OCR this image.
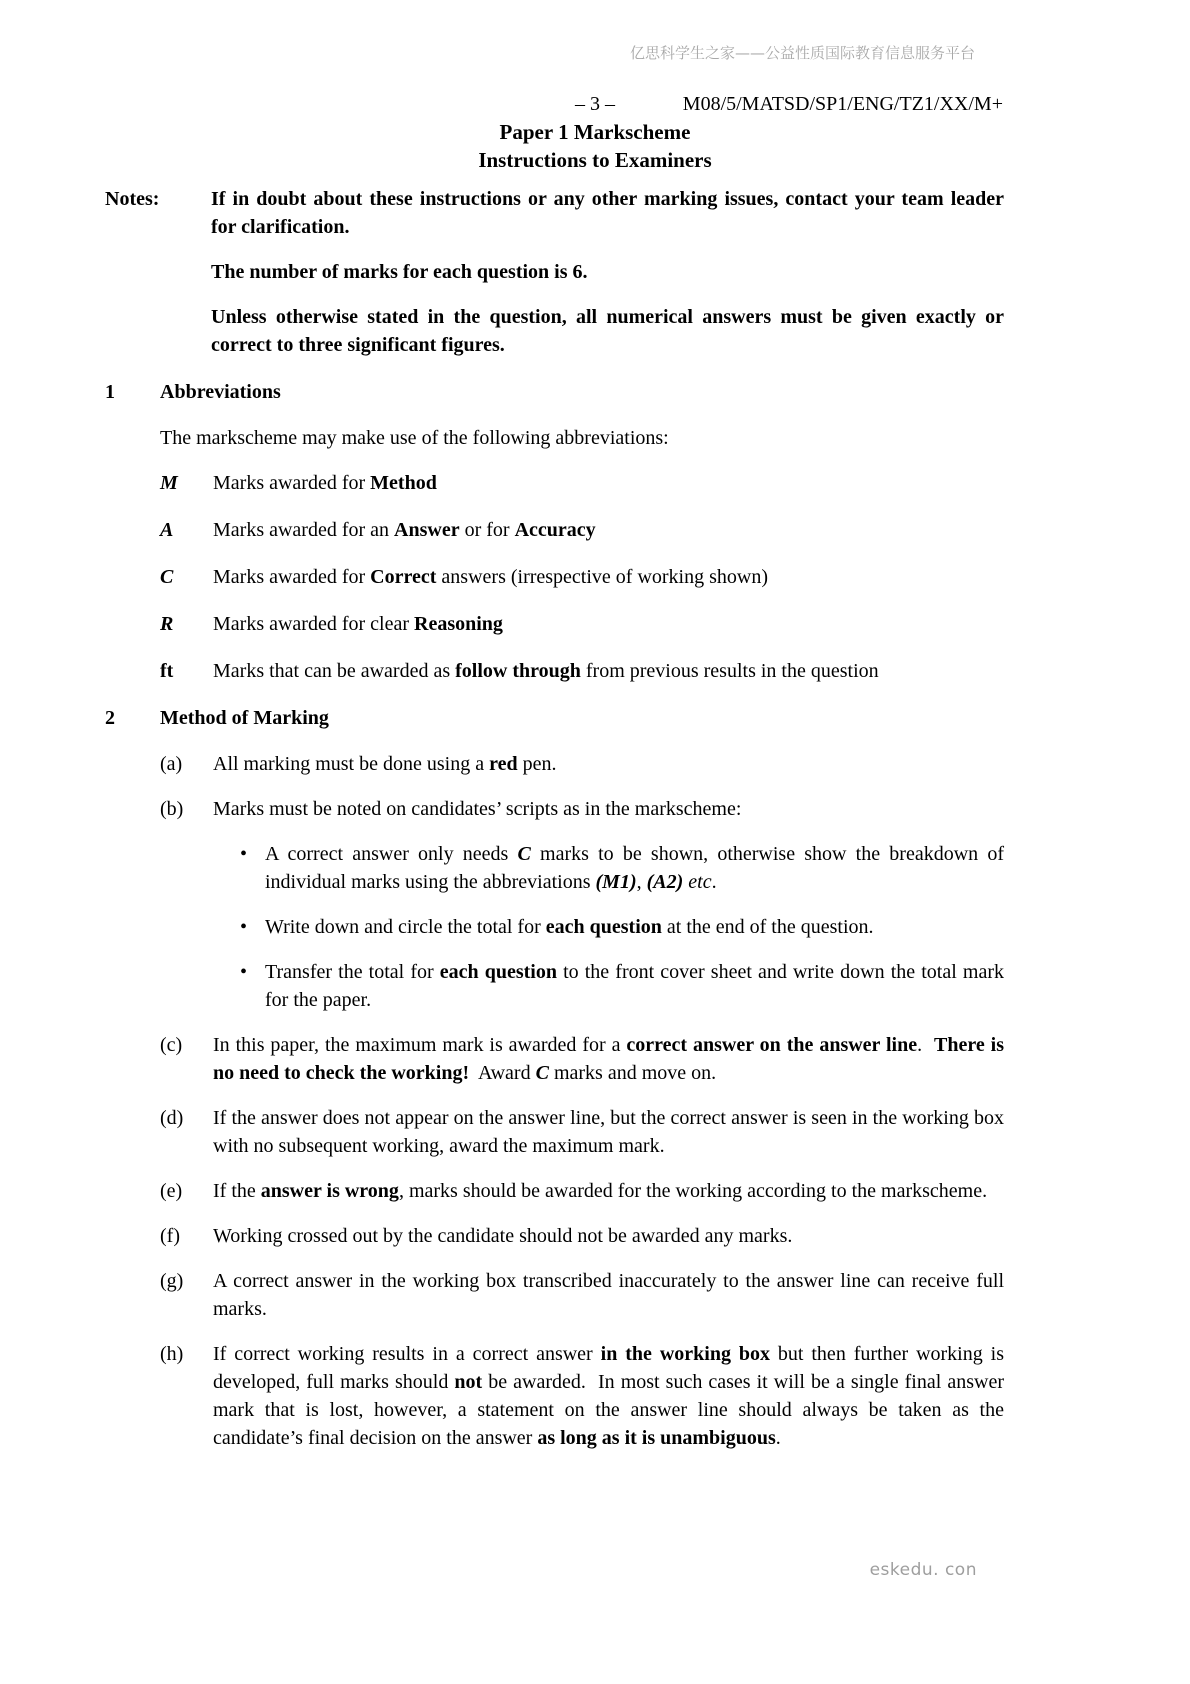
亿思科学生之家——公益性质国际教育信息服务平台
– 3 –	M08/5/MATSD/SP1/ENG/TZ1/XX/M+
Paper 1 Markscheme
Instructions to Examiners
Notes:	If in doubt about these instructions or any other marking issues, contact your team leader for clarification.
The number of marks for each question is 6.
Unless otherwise stated in the question, all numerical answers must be given exactly or correct to three significant figures.
1	Abbreviations
The markscheme may make use of the following abbreviations:
M	Marks awarded for Method
A	Marks awarded for an Answer or for Accuracy
C	Marks awarded for Correct answers (irrespective of working shown)
R	Marks awarded for clear Reasoning
ft	Marks that can be awarded as follow through from previous results in the question
2	Method of Marking
(a)	All marking must be done using a red pen.
(b)	Marks must be noted on candidates’ scripts as in the markscheme:
• A correct answer only needs C marks to be shown, otherwise show the breakdown of individual marks using the abbreviations (M1), (A2) etc.
• Write down and circle the total for each question at the end of the question.
• Transfer the total for each question to the front cover sheet and write down the total mark for the paper.
(c)	In this paper, the maximum mark is awarded for a correct answer on the answer line.  There is no need to check the working!  Award C marks and move on.
(d)	If the answer does not appear on the answer line, but the correct answer is seen in the working box with no subsequent working, award the maximum mark.
(e)	If the answer is wrong, marks should be awarded for the working according to the markscheme.
(f)	Working crossed out by the candidate should not be awarded any marks.
(g)	A correct answer in the working box transcribed inaccurately to the answer line can receive full marks.
(h)	If correct working results in a correct answer in the working box but then further working is developed, full marks should not be awarded.  In most such cases it will be a single final answer mark that is lost, however, a statement on the answer line should always be taken as the candidate’s final decision on the answer as long as it is unambiguous.
eskedu. con
